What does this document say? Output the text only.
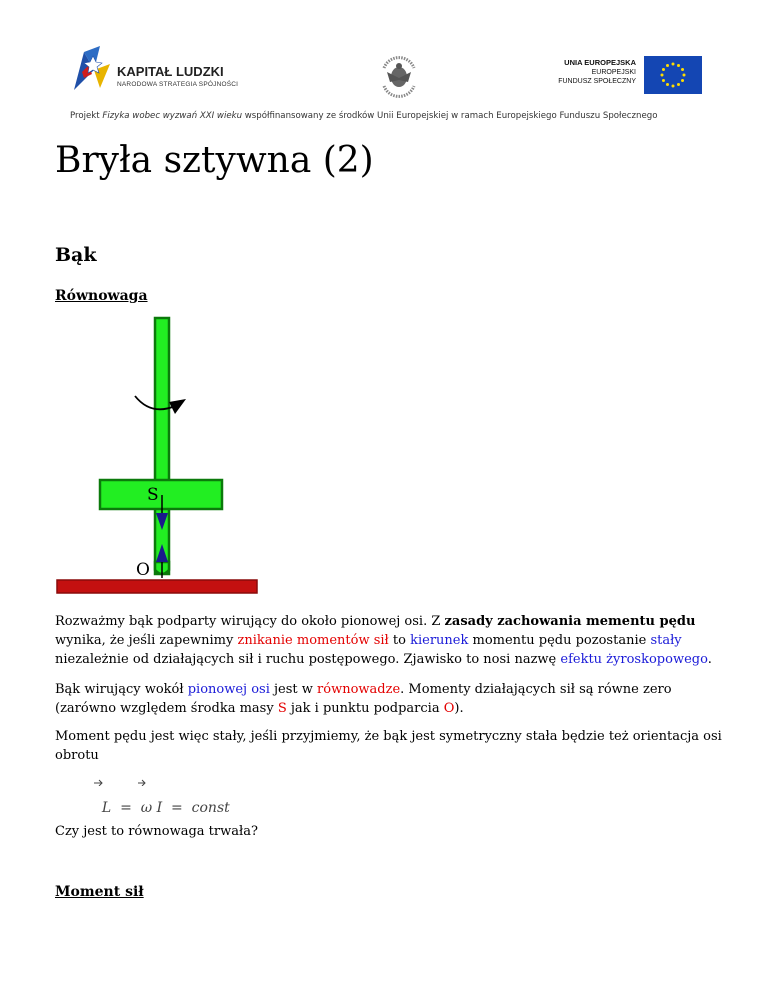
KAPITAŁ LUDZKI
NARODOWA STRATEGIA SPÓJNOŚCI
UNIA EUROPEJSKA
EUROPEJSKI
FUNDUSZ SPOŁECZNY
Projekt Fizyka wobec wyzwań XXI wieku współfinansowany ze środków Unii Europejskiej w ramach Europejskiego Funduszu Społecznego
Bryła sztywna (2)
Bąk
Równowaga
S
O
Rozważmy bąk podparty wirujący do około pionowej osi. Z zasady zachowania mementu pędu wynika, że jeśli zapewnimy znikanie momentów sił to kierunek momentu pędu pozostanie stały niezależnie od działających sił i ruchu postępowego. Zjawisko to nosi nazwę efektu żyroskopowego.
Bąk wirujący wokół pionowej osi jest w równowadze. Momenty działających sił są równe zero (zarówno względem środka masy S jak i punktu podparcia O).
Moment pędu jest więc stały, jeśli przyjmiemy, że bąk jest symetryczny stała będzie też orientacja osi obrotu

L  =  ω I  =  const

Czy jest to równowaga trwała?
Moment sił
